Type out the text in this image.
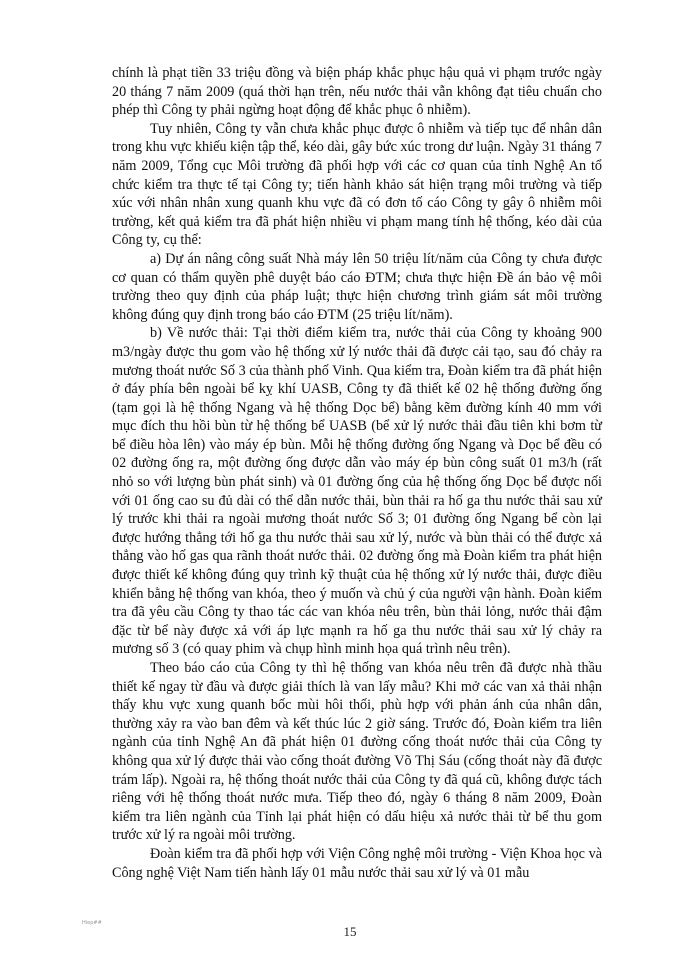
chính là phạt tiền 33 triệu đồng và biện pháp khắc phục hậu quả vi phạm trước ngày 20 tháng 7 năm 2009 (quá thời hạn trên, nếu nước thải vẫn không đạt tiêu chuẩn cho phép thì Công ty phải ngừng hoạt động để khắc phục ô nhiễm).

Tuy nhiên, Công ty vẫn chưa khắc phục được ô nhiễm và tiếp tục để nhân dân trong khu vực khiếu kiện tập thể, kéo dài, gây bức xúc trong dư luận. Ngày 31 tháng 7 năm 2009, Tổng cục Môi trường đã phối hợp với các cơ quan của tỉnh Nghệ An tổ chức kiểm tra thực tế tại Công ty; tiến hành khảo sát hiện trạng môi trường và tiếp xúc với nhân nhân xung quanh khu vực đã có đơn tố cáo Công ty gây ô nhiễm môi trường, kết quả kiểm tra đã phát hiện nhiều vi phạm mang tính hệ thống, kéo dài của Công ty, cụ thể:

a) Dự án nâng công suất Nhà máy lên 50 triệu lít/năm của Công ty chưa được cơ quan có thẩm quyền phê duyệt báo cáo ĐTM; chưa thực hiện Đề án bảo vệ môi trường theo quy định của pháp luật; thực hiện chương trình giám sát môi trường không đúng quy định trong báo cáo ĐTM (25 triệu lít/năm).

b) Về nước thải: Tại thời điểm kiểm tra, nước thải của Công ty khoảng 900 m3/ngày được thu gom vào hệ thống xử lý nước thải đã được cải tạo, sau đó chảy ra mương thoát nước Số 3 của thành phố Vinh. Qua kiểm tra, Đoàn kiểm tra đã phát hiện ở đáy phía bên ngoài bể kỵ khí UASB, Công ty đã thiết kế 02 hệ thống đường ống (tạm gọi là hệ thống Ngang và hệ thống Dọc bể) bằng kẽm đường kính 40 mm với mục đích thu hồi bùn từ hệ thống bể UASB (bể xử lý nước thải đầu tiên khi bơm từ bể điều hòa lên) vào máy ép bùn. Mỗi hệ thống đường ống Ngang và Dọc bể đều có 02 đường ống ra, một đường ống được dẫn vào máy ép bùn công suất 01 m3/h (rất nhỏ so với lượng bùn phát sinh) và 01 đường ống của hệ thống ống Dọc bể được nối với 01 ống cao su đủ dài có thể dẫn nước thải, bùn thải ra hố ga thu nước thải sau xử lý trước khi thải ra ngoài mương thoát nước Số 3; 01 đường ống Ngang bể còn lại được hướng thẳng tới hố ga thu nước thải sau xử lý, nước và bùn thải có thể được xả thẳng vào hố gas qua rãnh thoát nước thải. 02 đường ống mà Đoàn kiểm tra phát hiện được thiết kế không đúng quy trình kỹ thuật của hệ thống xử lý nước thải, được điều khiển bằng hệ thống van khóa, theo ý muốn và chủ ý của người vận hành. Đoàn kiểm tra đã yêu cầu Công ty thao tác các van khóa nêu trên, bùn thải lỏng, nước thải đậm đặc từ bể này được xả với áp lực mạnh ra hố ga thu nước thải sau xử lý chảy ra mương số 3 (có quay phim và chụp hình minh họa quá trình nêu trên).

Theo báo cáo của Công ty thì hệ thống van khóa nêu trên đã được nhà thầu thiết kế ngay từ đầu và được giải thích là van lấy mẫu? Khi mở các van xả thải nhận thấy khu vực xung quanh bốc mùi hôi thối, phù hợp với phản ánh của nhân dân, thường xảy ra vào ban đêm và kết thúc lúc 2 giờ sáng. Trước đó, Đoàn kiểm tra liên ngành của tỉnh Nghệ An đã phát hiện 01 đường cống thoát nước thải của Công ty không qua xử lý được thải vào cống thoát đường Võ Thị Sáu (cống thoát này đã được trám lấp). Ngoài ra, hệ thống thoát nước thải của Công ty đã quá cũ, không được tách riêng với hệ thống thoát nước mưa. Tiếp theo đó, ngày 6 tháng 8 năm 2009, Đoàn kiểm tra liên ngành của Tỉnh lại phát hiện có dấu hiệu xả nước thải từ bể thu gom trước xử lý ra ngoài môi trường.

Đoàn kiểm tra đã phối hợp với Viện Công nghệ môi trường - Viện Khoa học và Công nghệ Việt Nam tiến hành lấy 01 mẫu nước thải sau xử lý và 01 mẫu

Hiep##
15
